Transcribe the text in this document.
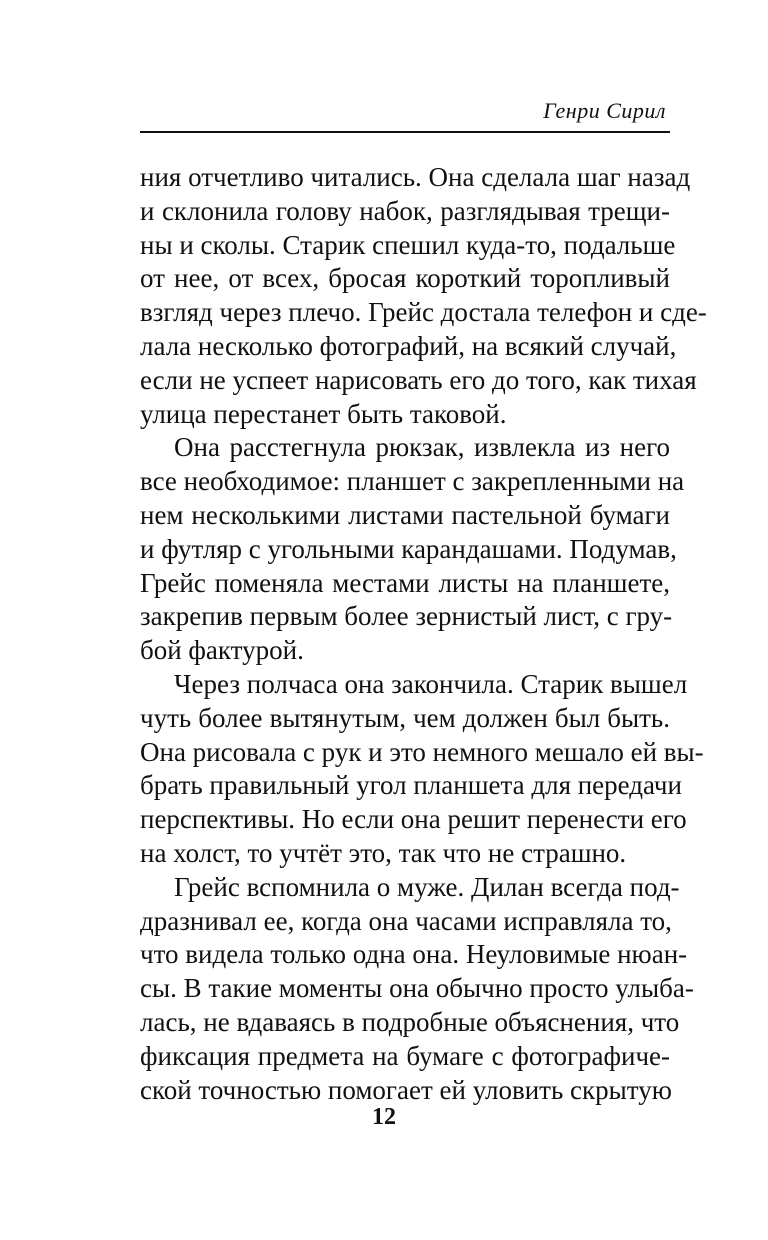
Генри Сирил
ния отчетливо читались. Она сделала шаг назад
и склонила голову набок, разглядывая трещи-
ны и сколы. Старик спешил куда-то, подальше
от нее, от всех, бросая короткий торопливый
взгляд через плечо. Грейс достала телефон и сде-
лала несколько фотографий, на всякий случай,
если не успеет нарисовать его до того, как тихая
улица перестанет быть таковой.
Она расстегнула рюкзак, извлекла из него
все необходимое: планшет с закрепленными на
нем несколькими листами пастельной бумаги
и футляр с угольными карандашами. Подумав,
Грейс поменяла местами листы на планшете,
закрепив первым более зернистый лист, с гру-
бой фактурой.
Через полчаса она закончила. Старик вышел
чуть более вытянутым, чем должен был быть.
Она рисовала с рук и это немного мешало ей вы-
брать правильный угол планшета для передачи
перспективы. Но если она решит перенести его
на холст, то учтёт это, так что не страшно.
Грейс вспомнила о муже. Дилан всегда под-
дразнивал ее, когда она часами исправляла то,
что видела только одна она. Неуловимые нюан-
сы. В такие моменты она обычно просто улыба-
лась, не вдаваясь в подробные объяснения, что
фиксация предмета на бумаге с фотографиче-
ской точностью помогает ей уловить скрытую
12
